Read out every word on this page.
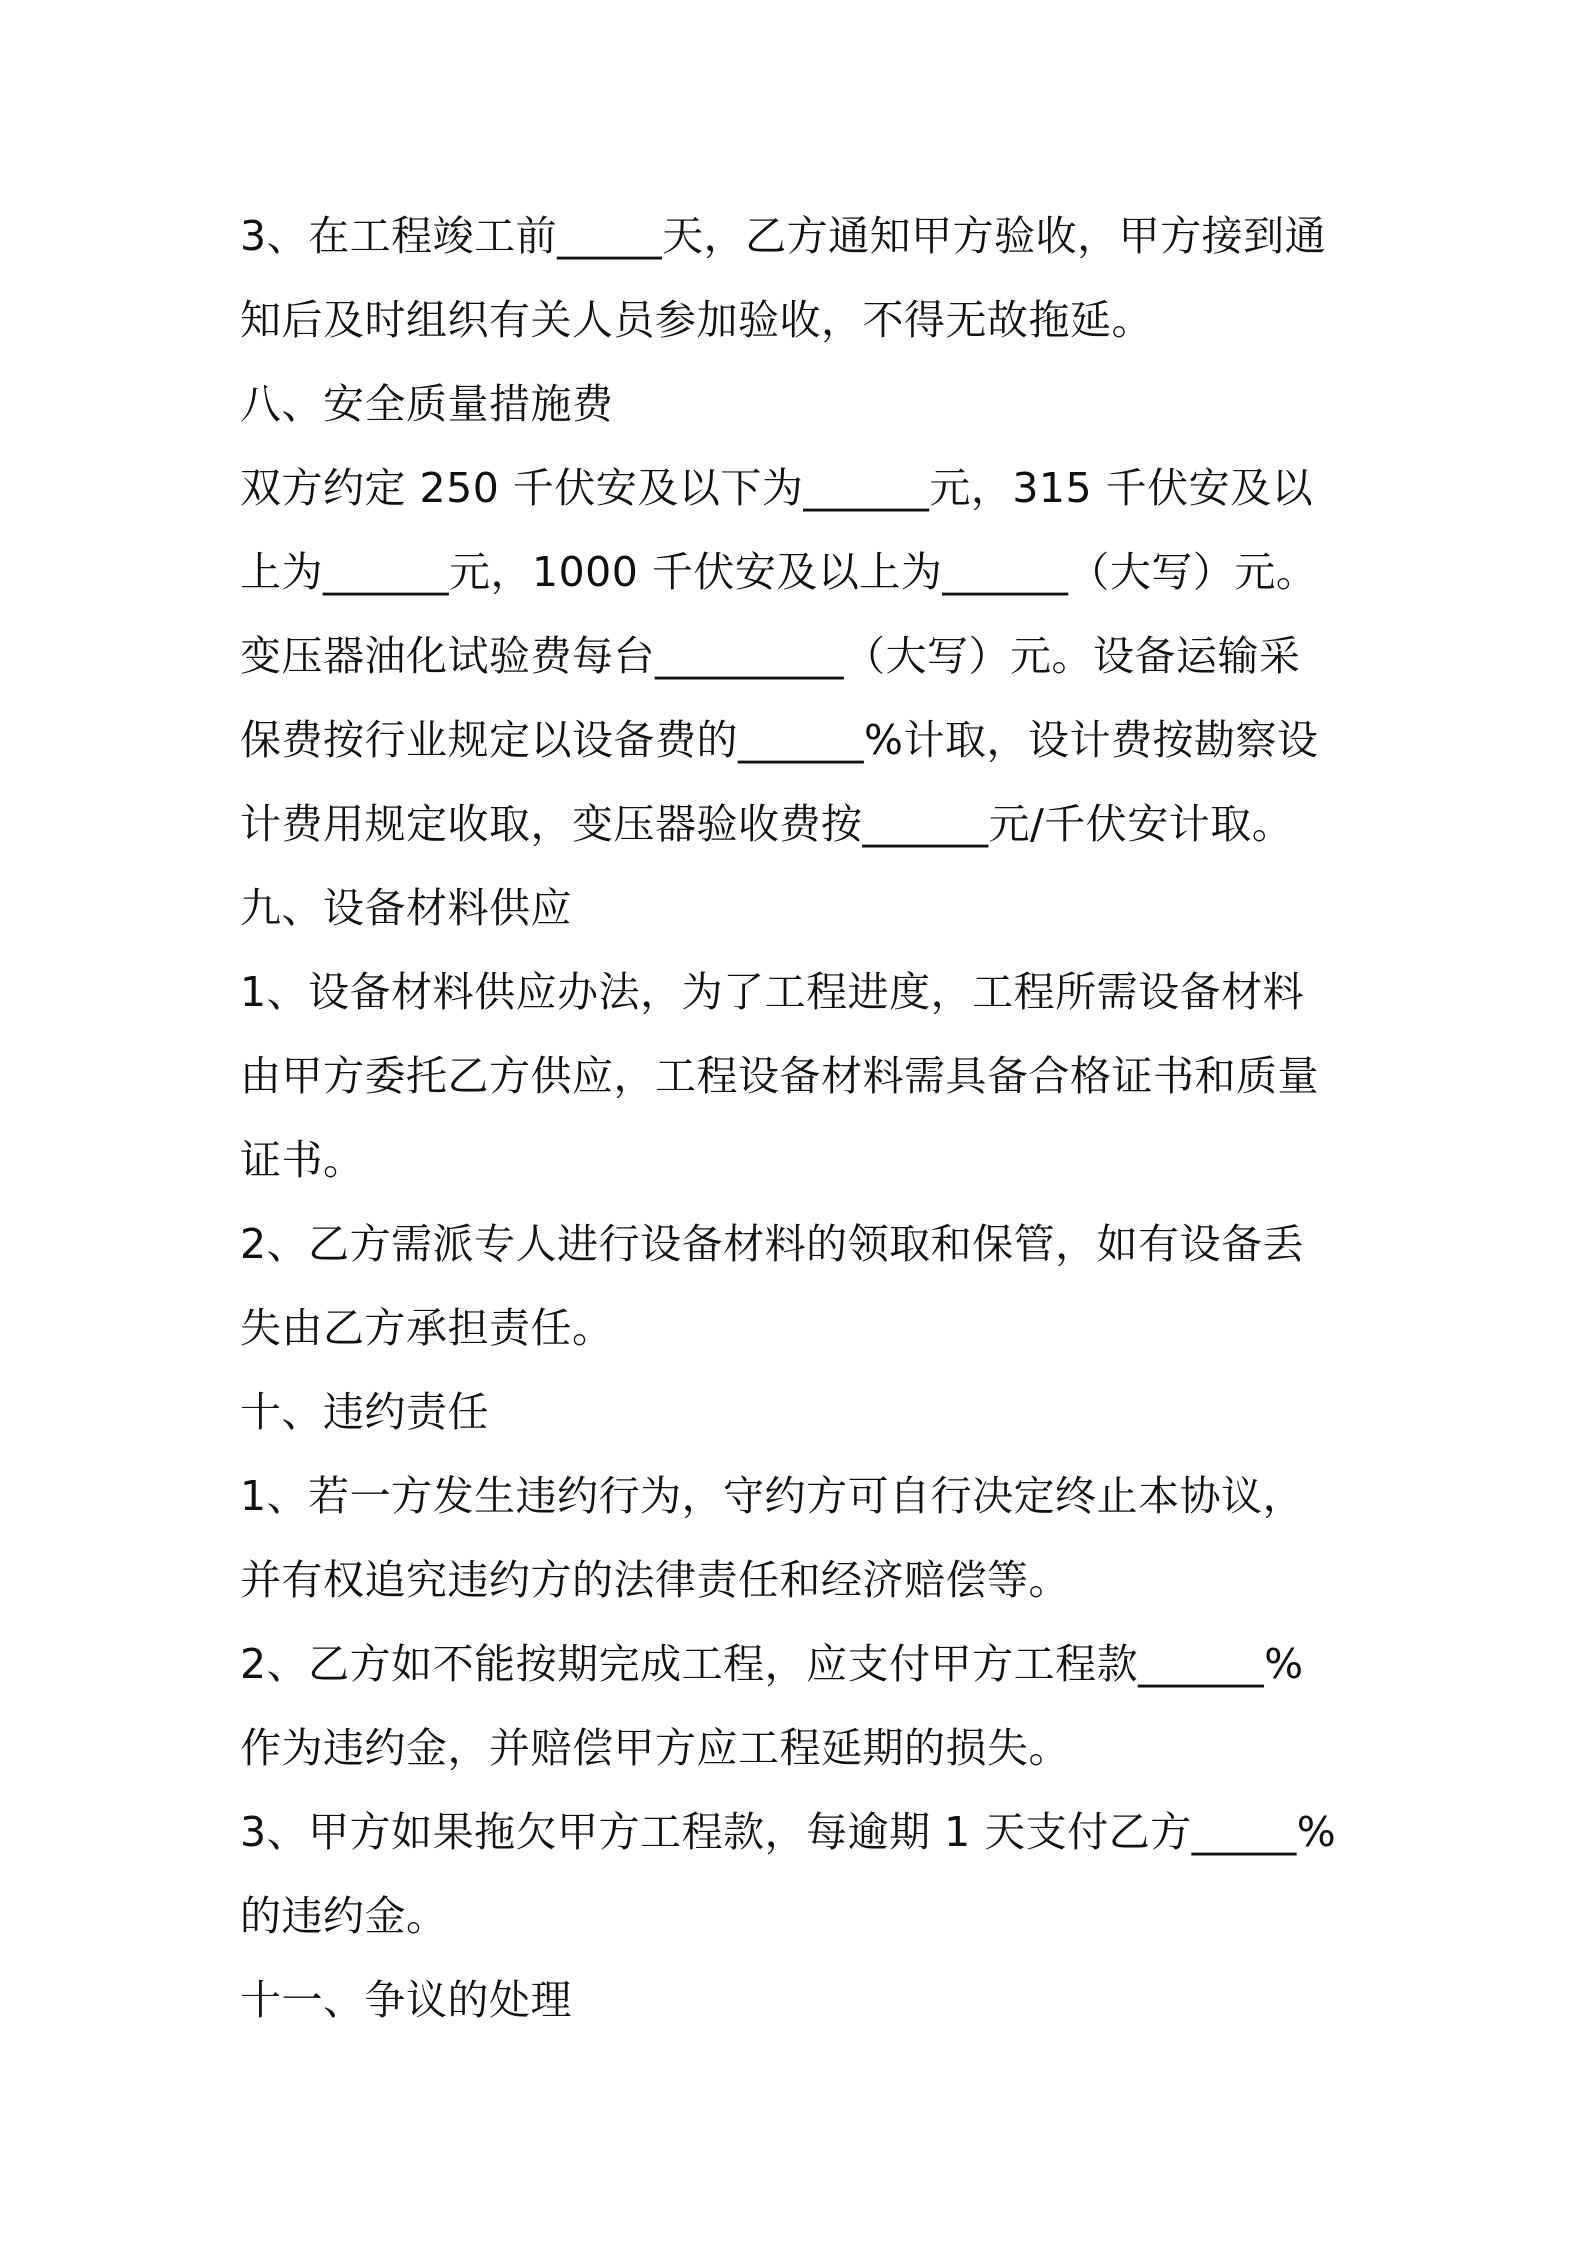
3、在工程竣工前_____天，乙方通知甲方验收，甲方接到通
知后及时组织有关人员参加验收，不得无故拖延。
八、安全质量措施费
双方约定 250 千伏安及以下为______元，315 千伏安及以
上为______元，1000 千伏安及以上为______（大写）元。
变压器油化试验费每台_________（大写）元。设备运输采
保费按行业规定以设备费的______%计取，设计费按勘察设
计费用规定收取，变压器验收费按______元/千伏安计取。
九、设备材料供应
1、设备材料供应办法，为了工程进度，工程所需设备材料
由甲方委托乙方供应，工程设备材料需具备合格证书和质量
证书。
2、乙方需派专人进行设备材料的领取和保管，如有设备丢
失由乙方承担责任。
十、违约责任
1、若一方发生违约行为，守约方可自行决定终止本协议，
并有权追究违约方的法律责任和经济赔偿等。
2、乙方如不能按期完成工程，应支付甲方工程款______%
作为违约金，并赔偿甲方应工程延期的损失。
3、甲方如果拖欠甲方工程款，每逾期 1 天支付乙方_____%
的违约金。
十一、争议的处理
